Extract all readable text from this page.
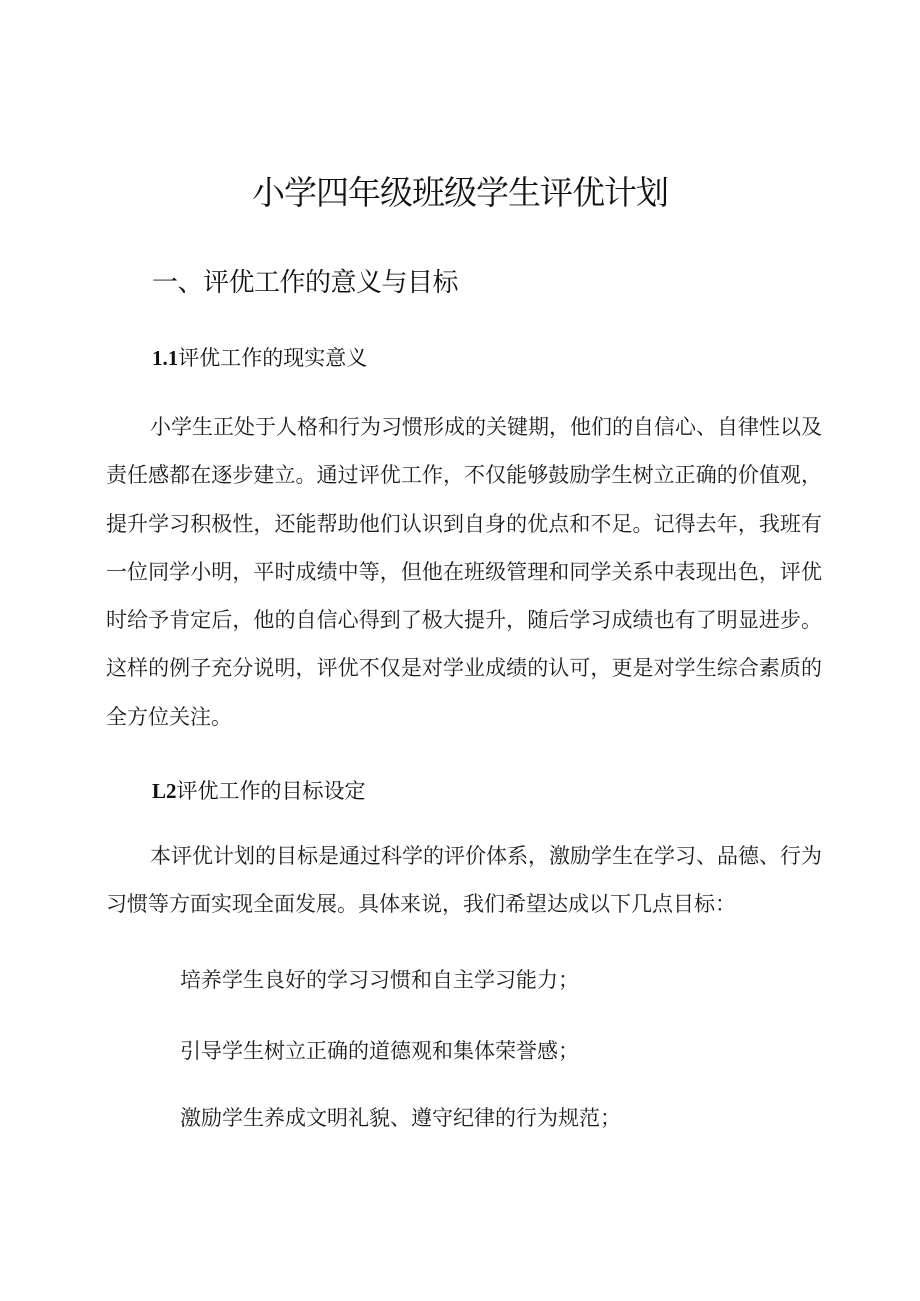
小学四年级班级学生评优计划
一、评优工作的意义与目标
1.1评优工作的现实意义

小学生正处于人格和行为习惯形成的关键期，他们的自信心、自律性以及责任感都在逐步建立。通过评优工作，不仅能够鼓励学生树立正确的价值观，提升学习积极性，还能帮助他们认识到自身的优点和不足。记得去年，我班有一位同学小明，平时成绩中等，但他在班级管理和同学关系中表现出色，评优时给予肯定后，他的自信心得到了极大提升，随后学习成绩也有了明显进步。这样的例子充分说明，评优不仅是对学业成绩的认可，更是对学生综合素质的全方位关注。

L2评优工作的目标设定

本评优计划的目标是通过科学的评价体系，激励学生在学习、品德、行为习惯等方面实现全面发展。具体来说，我们希望达成以下几点目标：

培养学生良好的学习习惯和自主学习能力；

引导学生树立正确的道德观和集体荣誉感；

激励学生养成文明礼貌、遵守纪律的行为规范；
